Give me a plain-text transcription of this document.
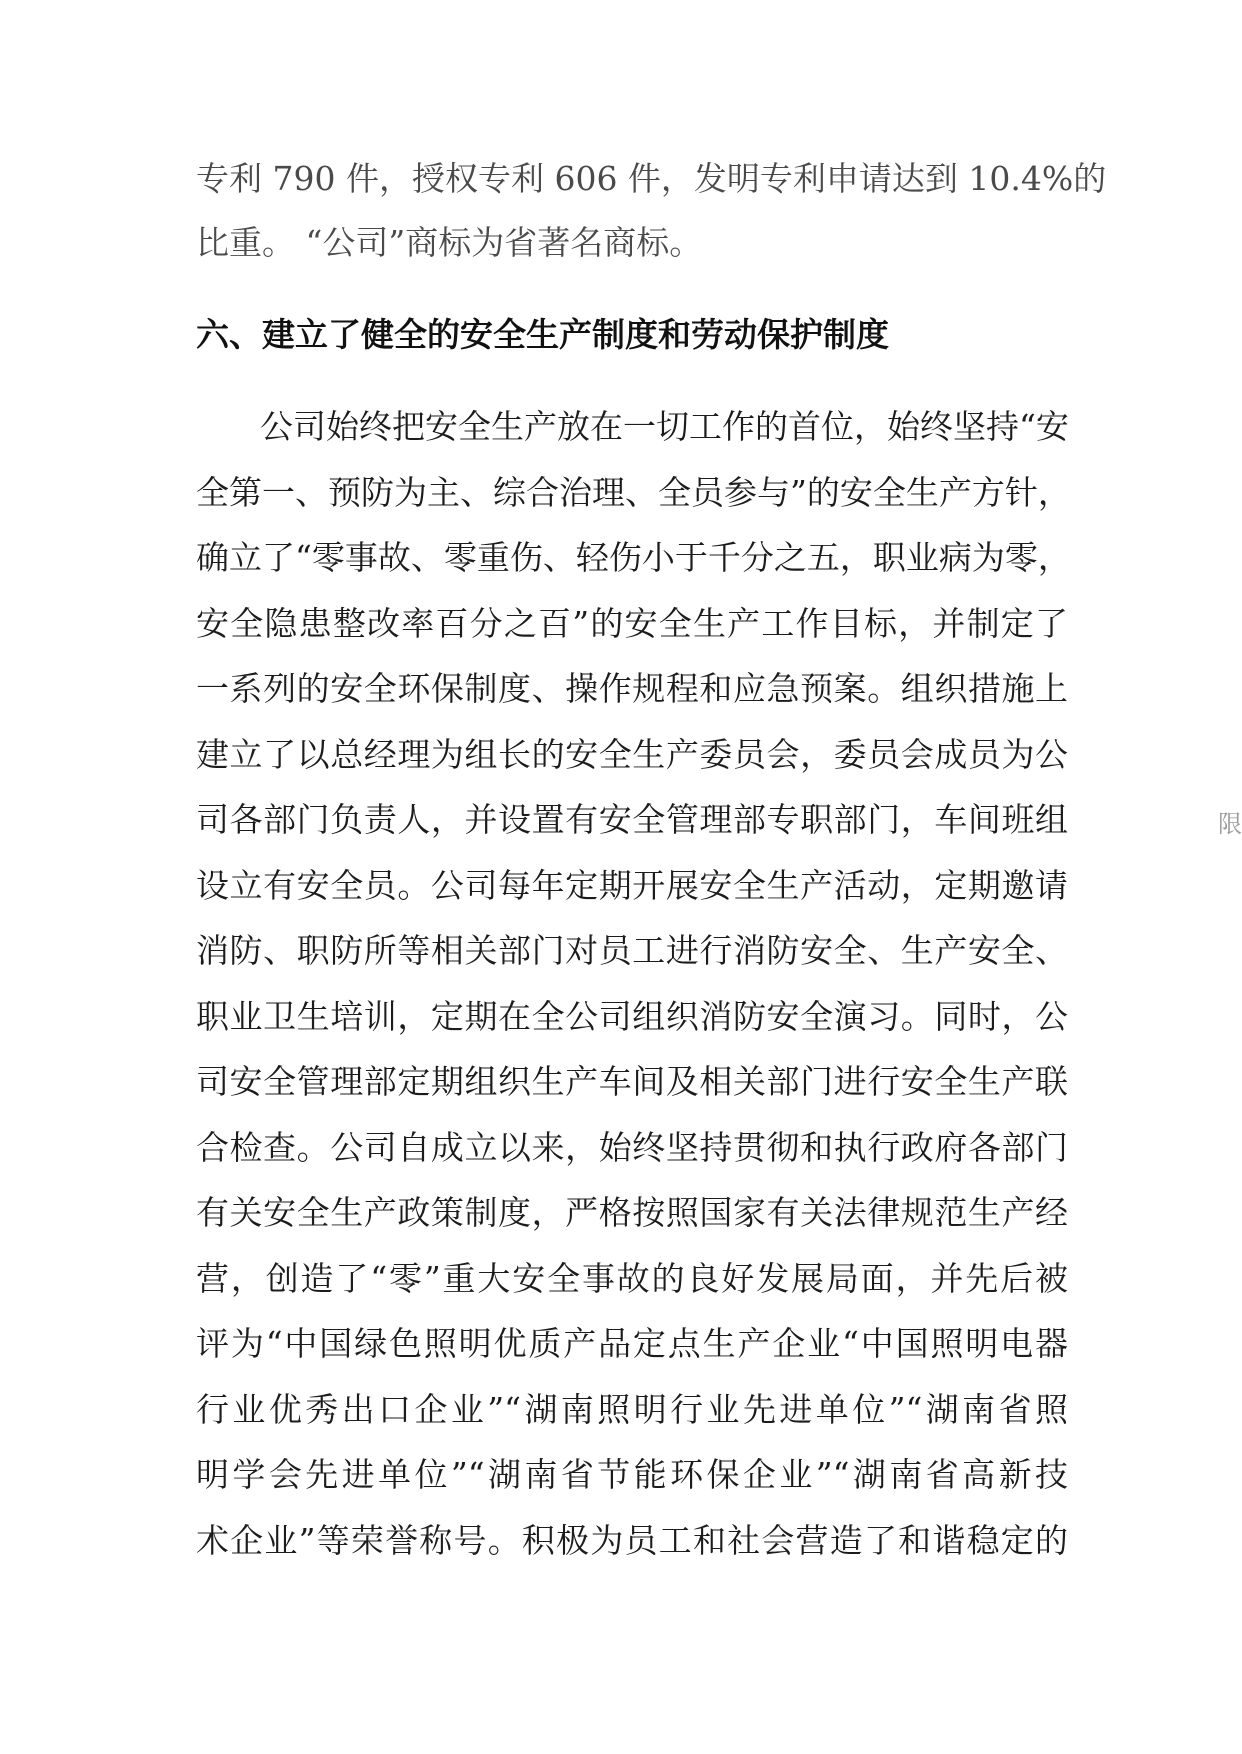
专利 790 件，授权专利 606 件，发明专利申请达到 10.4%的
比重。 “公司”商标为省著名商标。
六、建立了健全的安全生产制度和劳动保护制度
公司始终把安全生产放在一切工作的首位，始终坚持“安
全第一、预防为主、综合治理、全员参与”的安全生产方针，
确立了“零事故、零重伤、轻伤小于千分之五，职业病为零，
安全隐患整改率百分之百”的安全生产工作目标，并制定了
一系列的安全环保制度、操作规程和应急预案。组织措施上
建立了以总经理为组长的安全生产委员会，委员会成员为公
司各部门负责人，并设置有安全管理部专职部门，车间班组
设立有安全员。公司每年定期开展安全生产活动，定期邀请
消防、职防所等相关部门对员工进行消防安全、生产安全、
职业卫生培训，定期在全公司组织消防安全演习。同时，公
司安全管理部定期组织生产车间及相关部门进行安全生产联
合检查。公司自成立以来，始终坚持贯彻和执行政府各部门
有关安全生产政策制度，严格按照国家有关法律规范生产经
营，创造了“零”重大安全事故的良好发展局面，并先后被
评为“中国绿色照明优质产品定点生产企业“中国照明电器
行业优秀出口企业”“湖南照明行业先进单位”“湖南省照
明学会先进单位”“湖南省节能环保企业”“湖南省高新技
术企业”等荣誉称号。积极为员工和社会营造了和谐稳定的
限
